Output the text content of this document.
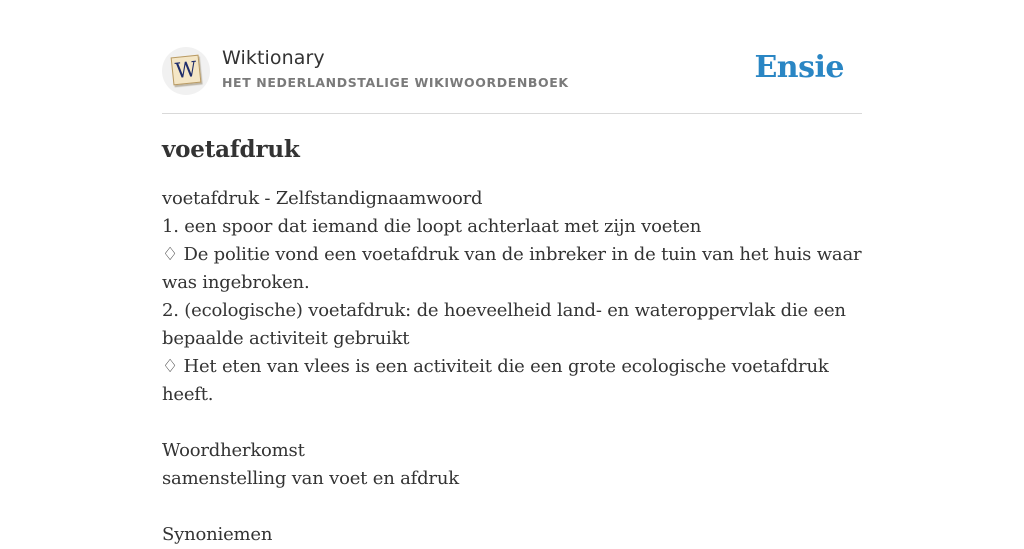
W Wiktionary
HET NEDERLANDSTALIGE WIKIWOORDENBOEK	Ensie
voetafdruk

voetafdruk - Zelfstandignaamwoord

1. een spoor dat iemand die loopt achterlaat met zijn voeten

♢ De politie vond een voetafdruk van de inbreker in de tuin van het huis waar was ingebroken.

2. (ecologische) voetafdruk: de hoeveelheid land- en wateroppervlak die een bepaalde activiteit gebruikt

♢ Het eten van vlees is een activiteit die een grote ecologische voetafdruk heeft.

Woordherkomst

samenstelling van voet en afdruk

Synoniemen
